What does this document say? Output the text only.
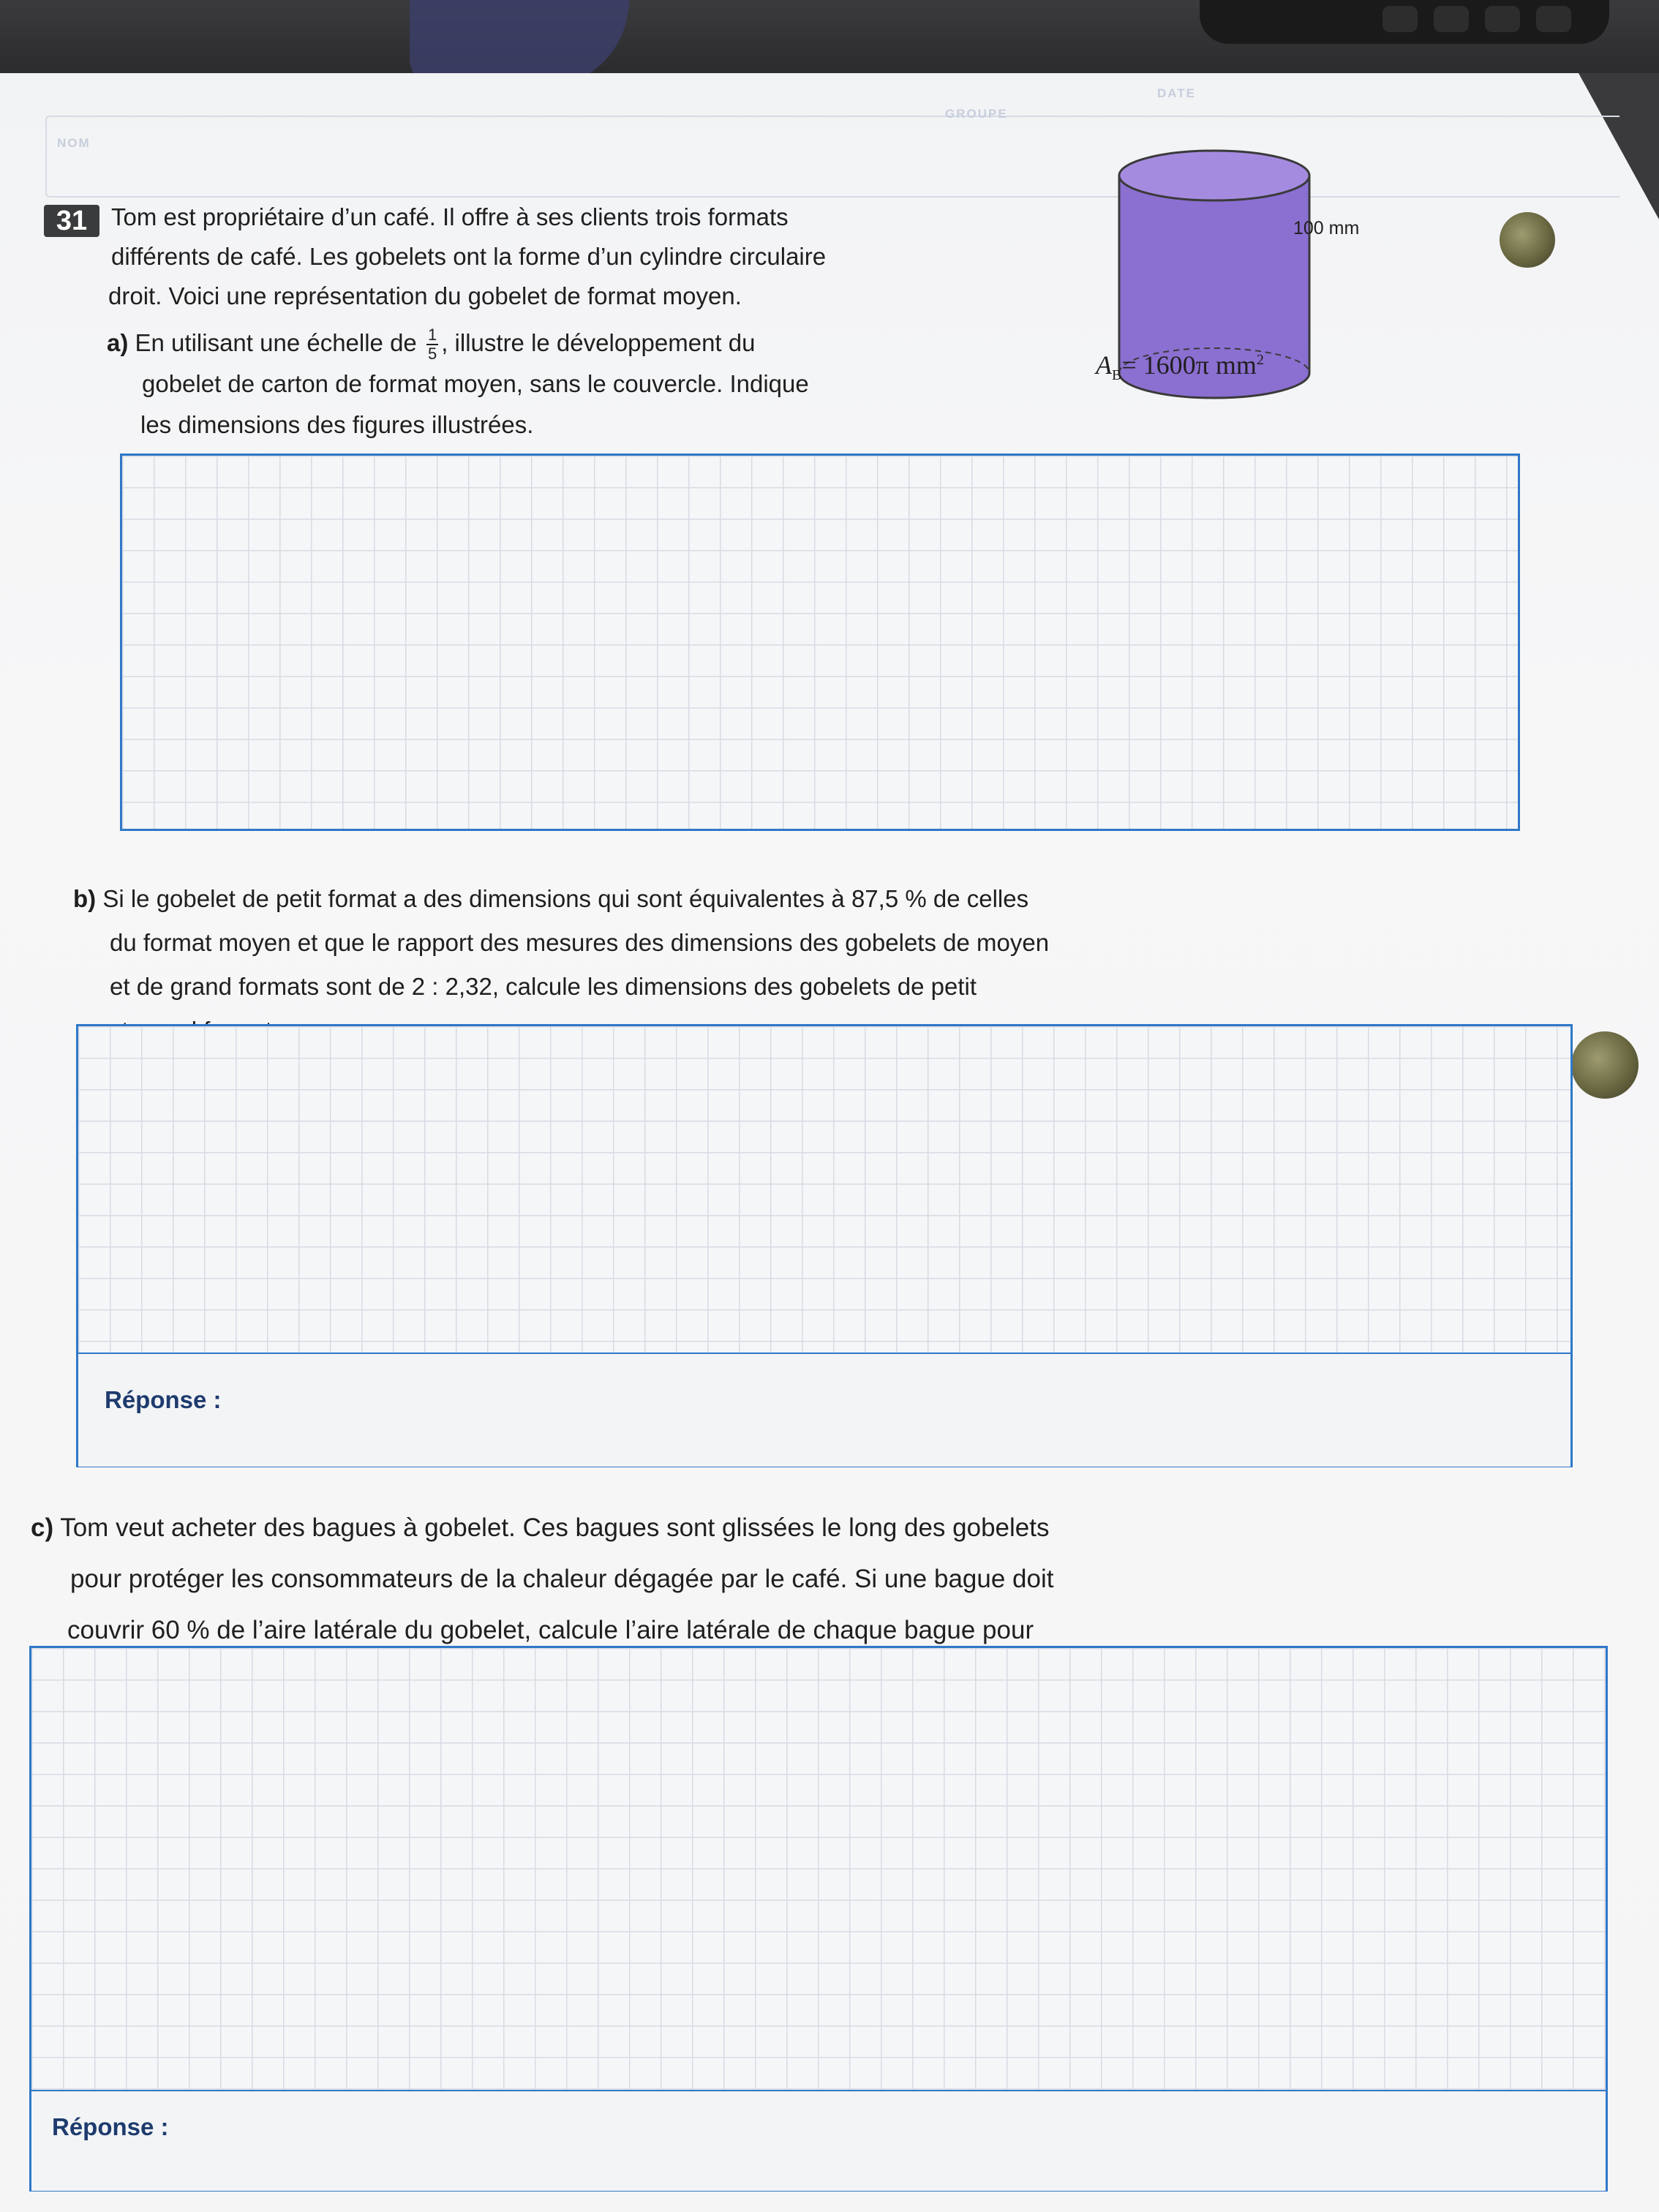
NOM
GROUPE
DATE
31 Tom est propriétaire d’un café. Il offre à ses clients trois formats
différents de café. Les gobelets ont la forme d’un cylindre circulaire
droit. Voici une représentation du gobelet de format moyen.
100 mm
$A_B= 1600\pi$ $mm^2$
a) En utilisant une échelle de $\frac{1}{5}$ , illustre le développement du
gobelet de carton de format moyen, sans le couvercle. Indique
les dimensions des figures illustrées.
b) Si le gobelet de petit format a des dimensions qui sont équivalentes à 87,5 % de celles
du format moyen et que le rapport des mesures des dimensions des gobelets de moyen
et de grand formats sont de 2 : 2,32, calcule les dimensions des gobelets de petit
Réponse :
c) Tom veut acheter des bagues à gobelet. Ces bagues sont glissées le long des gobelets
pour protéger les consommateurs de la chaleur dégagée par le café. Si une bague doit
couvrir 60 % de l’aire latérale du gobelet, calcule l’aire latérale de chaque bague pour
Réponse :
